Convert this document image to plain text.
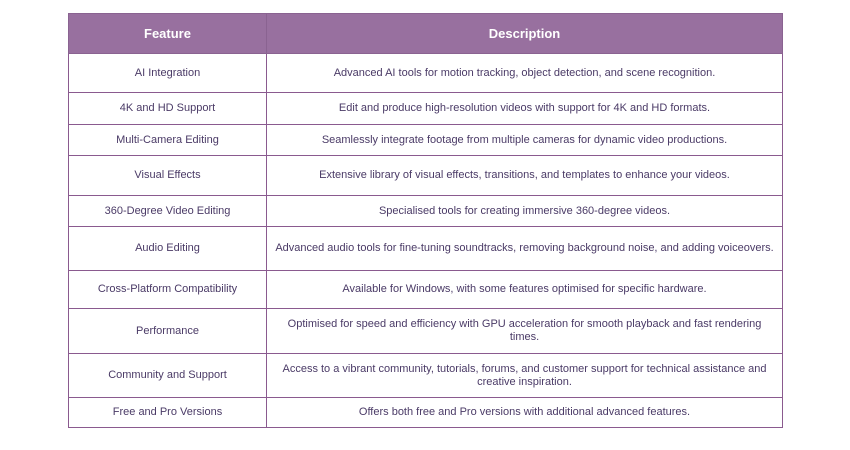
Feature	Description
AI Integration	Advanced AI tools for motion tracking, object detection, and scene recognition.
4K and HD Support	Edit and produce high-resolution videos with support for 4K and HD formats.
Multi-Camera Editing	Seamlessly integrate footage from multiple cameras for dynamic video productions.
Visual Effects	Extensive library of visual effects, transitions, and templates to enhance your videos.
360-Degree Video Editing	Specialised tools for creating immersive 360-degree videos.
Audio Editing	Advanced audio tools for fine-tuning soundtracks, removing background noise, and adding voiceovers.
Cross-Platform Compatibility	Available for Windows, with some features optimised for specific hardware.
Performance	Optimised for speed and efficiency with GPU acceleration for smooth playback and fast rendering times.
Community and Support	Access to a vibrant community, tutorials, forums, and customer support for technical assistance and creative inspiration.
Free and Pro Versions	Offers both free and Pro versions with additional advanced features.
